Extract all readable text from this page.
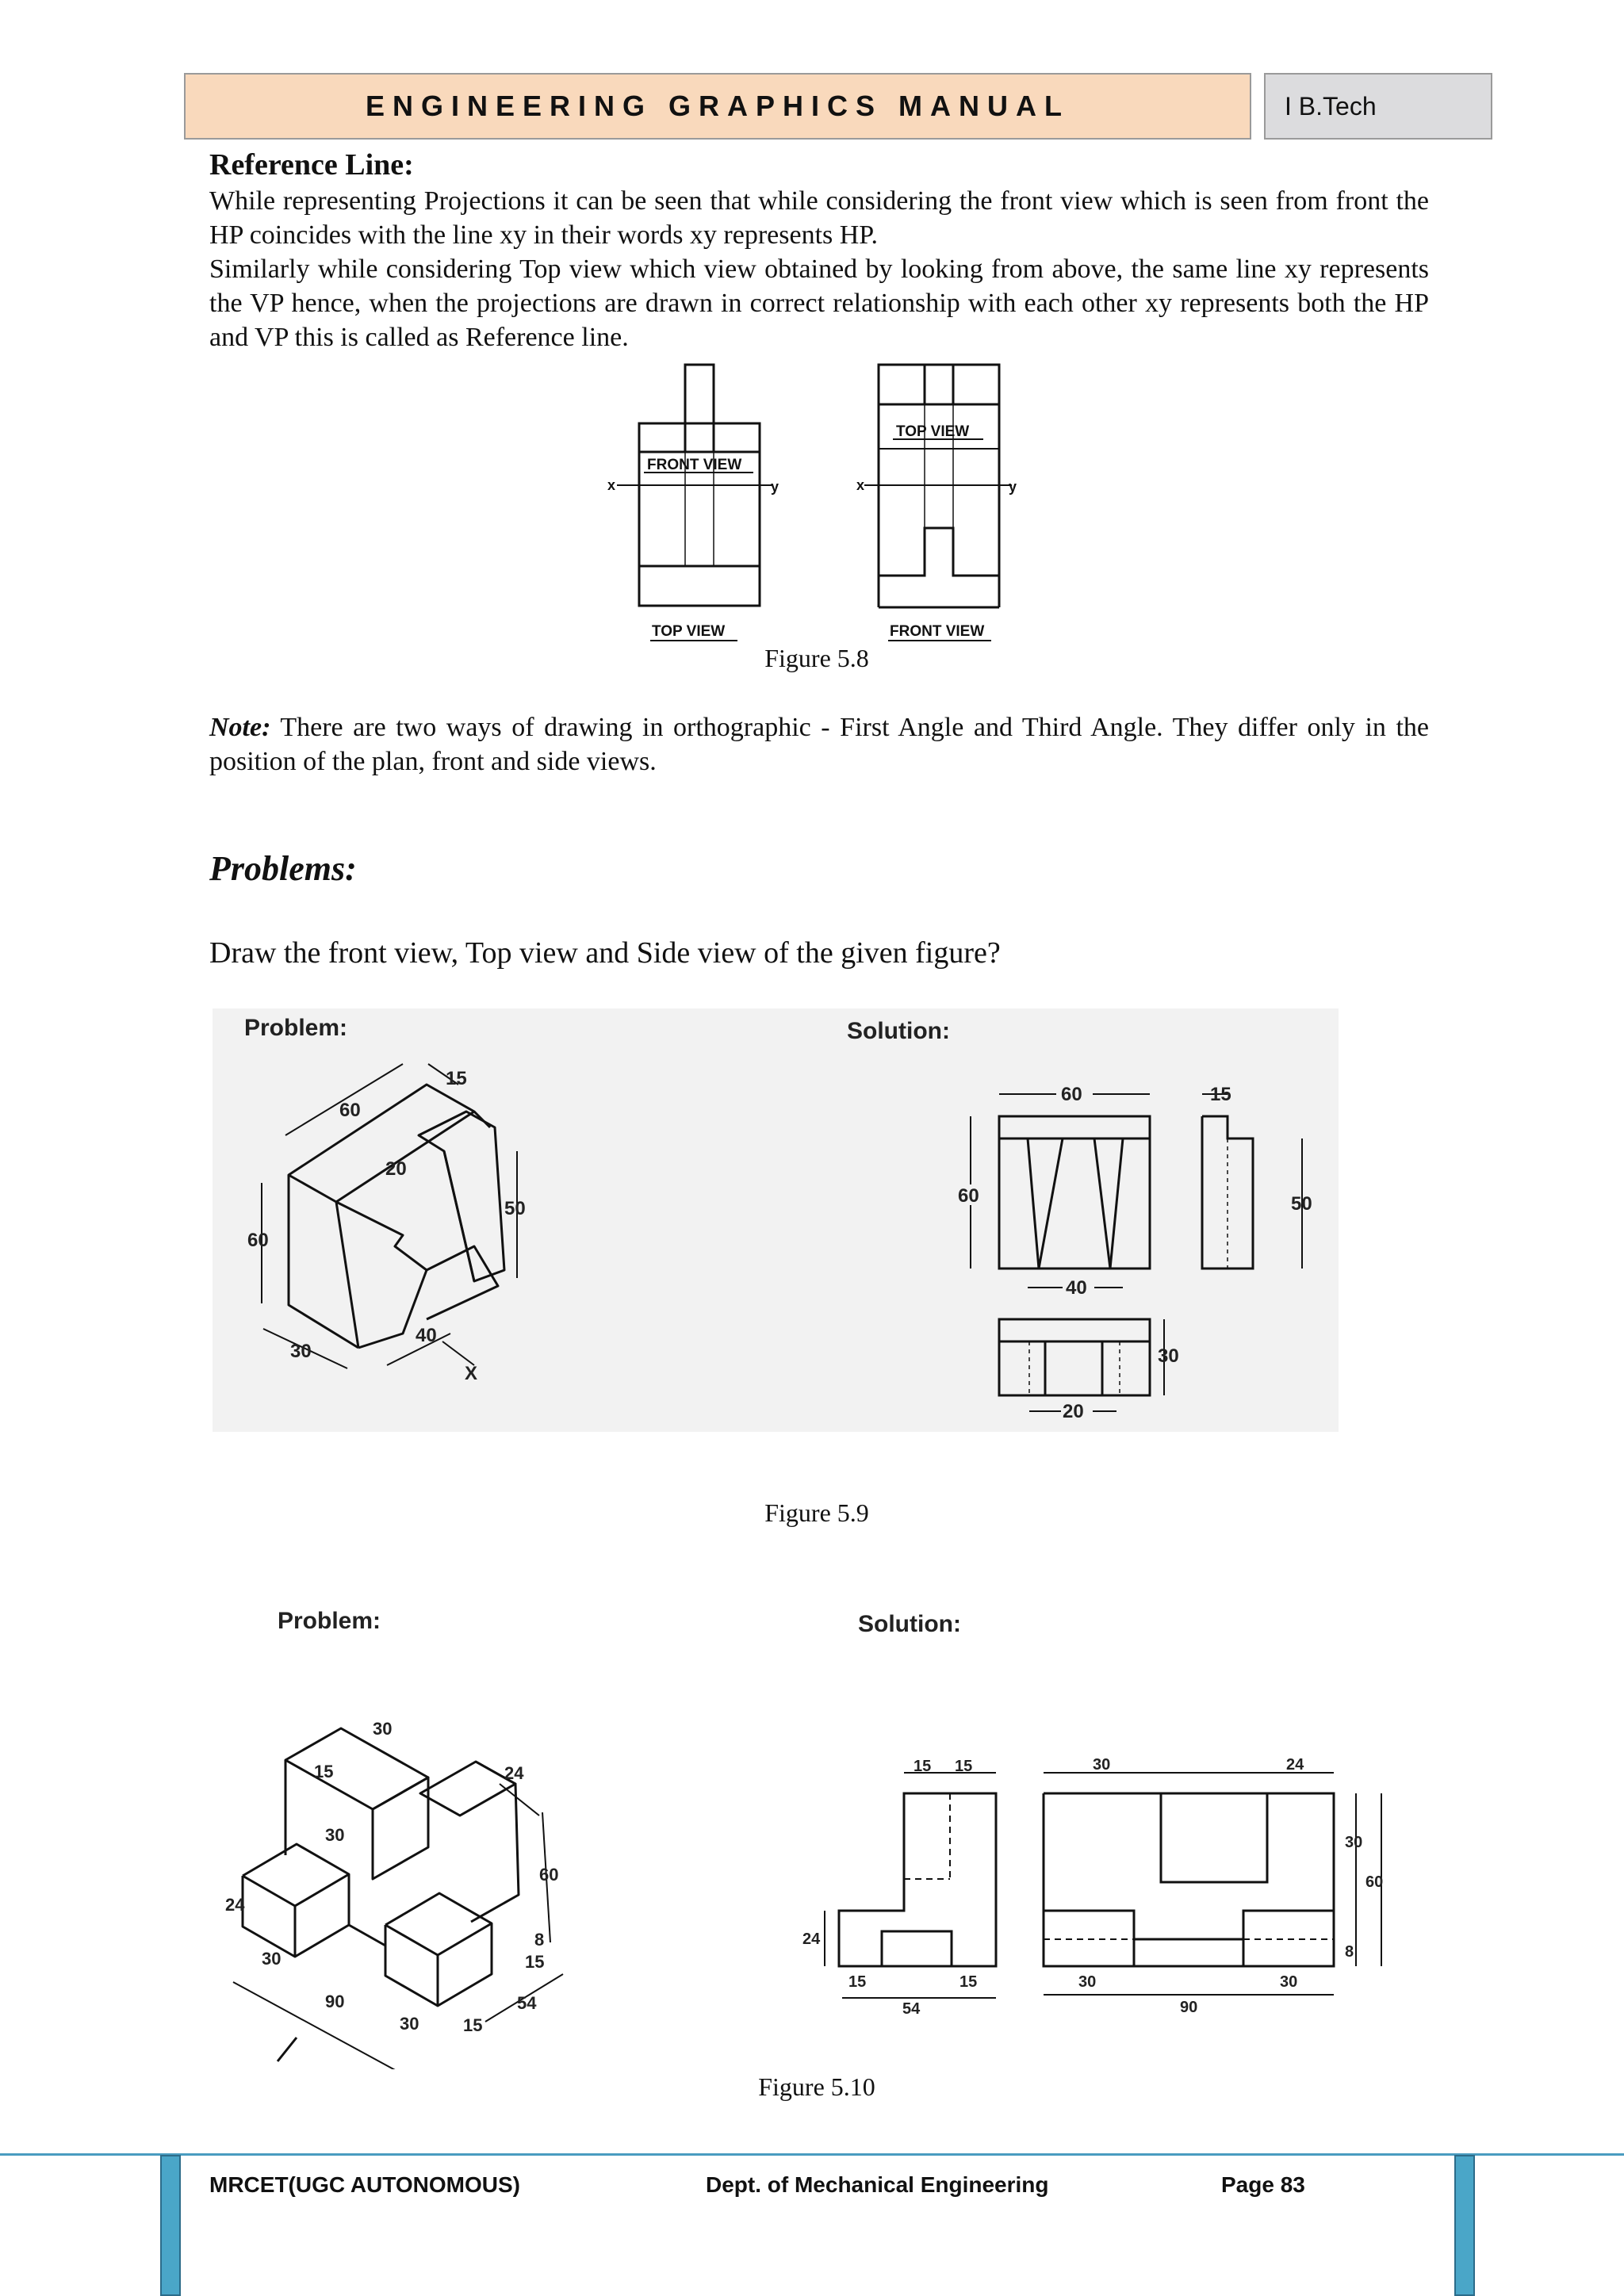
ENGINEERING GRAPHICS MANUAL	I B.Tech
Reference Line:

While representing Projections it can be seen that while considering the front view which is seen from front the HP coincides with the line xy in their words xy represents HP.

Similarly while considering Top view which view obtained by looking from above, the same line xy represents the VP hence, when the projections are drawn in correct relationship with each other xy represents both the HP and VP this is called as Reference line.

FRONT VIEW
TOP VIEW
TOP VIEW
FRONT VIEW
x	y	x	y
Figure 5.8

Note: There are two ways of drawing in orthographic - First Angle and Third Angle. They differ only in the position of the plan, front and side views.

Problems:

Draw the front view, Top view and Side view of the given figure?

Problem:	Solution:
60
15
20
60
50
30
40
X
60
60
40
15
50
30
20
Figure 5.9
Problem:	Solution:
30
15
30
24
60
24
30
90
30	15
54
15
8
15 15
24
15
54
15
30	24
30
60
8
30
90
30
Figure 5.10
MRCET(UGC AUTONOMOUS)	Dept. of Mechanical Engineering	Page 83
